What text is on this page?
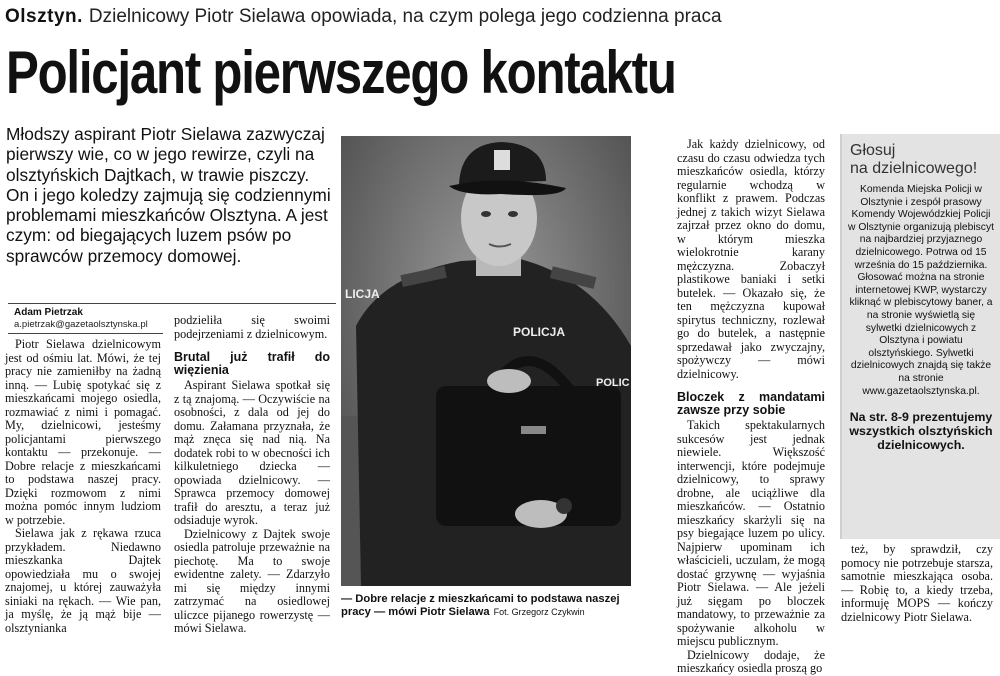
Olsztyn. Dzielnicowy Piotr Sielawa opowiada, na czym polega jego codzienna praca
Policjant pierwszego kontaktu
Młodszy aspirant Piotr Sielawa zazwyczaj pierwszy wie, co w jego rewirze, czyli na olsztyńskich Dajtkach, w trawie piszczy. On i jego koledzy zajmują się codziennymi problemami mieszkańców Olsztyna. A jest czym: od biegających luzem psów po sprawców przemocy domowej.
Adam Pietrzak
a.pietrzak@gazetaolsztynska.pl

Piotr Sielawa dzielnicowym jest od ośmiu lat. Mówi, że tej pracy nie zamieniłby na żadną inną. — Lubię spotykać się z mieszkańcami mojego osiedla, rozmawiać z nimi i pomagać. My, dzielnicowi, jesteśmy policjantami pierwszego kontaktu — przekonuje. — Dobre relacje z mieszkańcami to podstawa naszej pracy. Dzięki rozmowom z nimi można pomóc innym ludziom w potrzebie.

Sielawa jak z rękawa rzuca przykładem. Niedawno mieszkanka Dajtek opowiedziała mu o swojej znajomej, u której zauważyła siniaki na rękach. — Wie pan, ja myślę, że ją mąż bije — olsztynianka

podzieliła się swoimi podejrzeniami z dzielnicowym.

Brutal już trafił do więzienia

Aspirant Sielawa spotkał się z tą znajomą. — Oczywiście na osobności, z dala od jej do domu. Załamana przyznała, że mąż znęca się nad nią. Na dodatek robi to w obecności ich kilkuletniego dziecka — opowiada dzielnicowy. — Sprawca przemocy domowej trafił do aresztu, a teraz już odsiaduje wyrok.

Dzielnicowy z Dajtek swoje osiedla patroluje przeważnie na piechotę. Ma to swoje ewidentne zalety. — Zdarzyło mi się między innymi zatrzymać na osiedlowej uliczce pijanego rowerzystę — mówi Sielawa.

LICJA
POLICJA
POLIC
— Dobre relacje z mieszkańcami to podstawa naszej pracy — mówi Piotr Sielawa Fot. Grzegorz Czykwin

Jak każdy dzielnicowy, od czasu do czasu odwiedza tych mieszkańców osiedla, którzy regularnie wchodzą w konflikt z prawem. Podczas jednej z takich wizyt Sielawa zajrzał przez okno do domu, w którym mieszka wielokrotnie karany mężczyzna. Zobaczył plastikowe baniaki i setki butelek. — Okazało się, że ten mężczyzna kupował spirytus techniczny, rozlewał go do butelek, a następnie sprzedawał jako zwyczajny, spożywczy — mówi dzielnicowy.

Bloczek z mandatami zawsze przy sobie

Takich spektakularnych sukcesów jest jednak niewiele. Większość interwencji, które podejmuje dzielnicowy, to sprawy drobne, ale uciążliwe dla mieszkańców. — Ostatnio mieszkańcy skarżyli się na psy biegające luzem po ulicy. Najpierw upominam ich właścicieli, uczulam, że mogą dostać grzywnę — wyjaśnia Piotr Sielawa. — Ale jeżeli już sięgam po bloczek mandatowy, to przeważnie za spożywanie alkoholu w miejscu publicznym.

Dzielnicowy dodaje, że mieszkańcy osiedla proszą go

też, by sprawdził, czy pomocy nie potrzebuje starsza, samotnie mieszkająca osoba. — Robię to, a kiedy trzeba, informuję MOPS — kończy dzielnicowy Piotr Sielawa.

Głosuj
na dzielnicowego!
Komenda Miejska Policji w Olsztynie i zespół prasowy Komendy Wojewódzkiej Policji w Olsztynie organizują plebiscyt na najbardziej przyjaznego dzielnicowego. Potrwa od 15 września do 15 października. Głosować można na stronie internetowej KWP, wystarczy kliknąć w plebiscytowy baner, a na stronie wyświetlą się sylwetki dzielnicowych z Olsztyna i powiatu olsztyńskiego. Sylwetki dzielnicowych znajdą się także na stronie www.gazetaolsztynska.pl.
Na str. 8-9 prezentujemy wszystkich olsztyńskich dzielnicowych.
